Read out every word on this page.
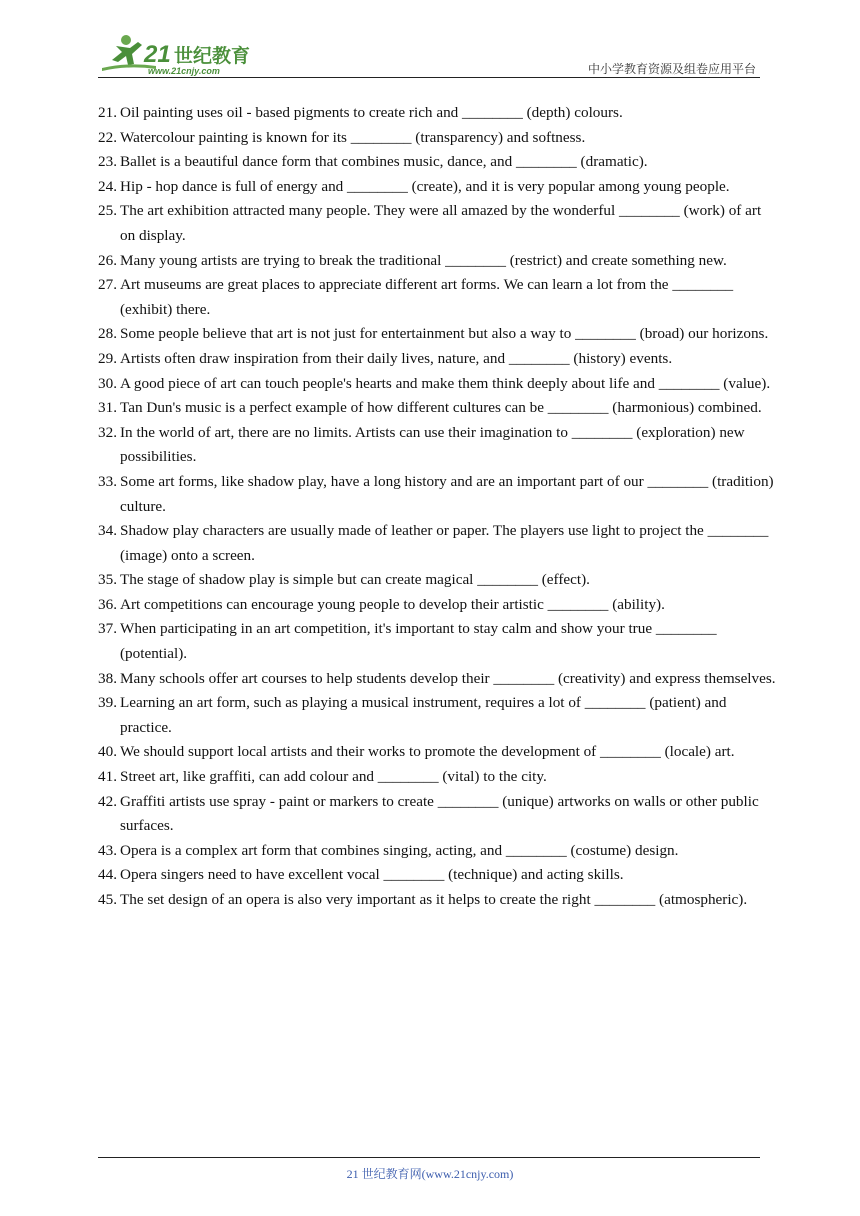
21 世纪教育
www.21cnjy.com	中小学教育资源及组卷应用平台
21. Oil painting uses oil - based pigments to create rich and ________ (depth) colours.
22. Watercolour painting is known for its ________ (transparency) and softness.
23. Ballet is a beautiful dance form that combines music, dance, and ________ (dramatic).
24. Hip - hop dance is full of energy and ________ (create), and it is very popular among young people.
25. The art exhibition attracted many people. They were all amazed by the wonderful ________ (work) of art on display.
26. Many young artists are trying to break the traditional ________ (restrict) and create something new.
27. Art museums are great places to appreciate different art forms. We can learn a lot from the ________ (exhibit) there.
28. Some people believe that art is not just for entertainment but also a way to ________ (broad) our horizons.
29. Artists often draw inspiration from their daily lives, nature, and ________ (history) events.
30. A good piece of art can touch people's hearts and make them think deeply about life and ________ (value).
31. Tan Dun's music is a perfect example of how different cultures can be ________ (harmonious) combined.
32. In the world of art, there are no limits. Artists can use their imagination to ________ (exploration) new possibilities.
33. Some art forms, like shadow play, have a long history and are an important part of our ________ (tradition) culture.
34. Shadow play characters are usually made of leather or paper. The players use light to project the ________ (image) onto a screen.
35. The stage of shadow play is simple but can create magical ________ (effect).
36. Art competitions can encourage young people to develop their artistic ________ (ability).
37. When participating in an art competition, it's important to stay calm and show your true ________ (potential).
38. Many schools offer art courses to help students develop their ________ (creativity) and express themselves.
39. Learning an art form, such as playing a musical instrument, requires a lot of ________ (patient) and practice.
40. We should support local artists and their works to promote the development of ________ (locale) art.
41. Street art, like graffiti, can add colour and ________ (vital) to the city.
42. Graffiti artists use spray - paint or markers to create ________ (unique) artworks on walls or other public surfaces.
43. Opera is a complex art form that combines singing, acting, and ________ (costume) design.
44. Opera singers need to have excellent vocal ________ (technique) and acting skills.
45. The set design of an opera is also very important as it helps to create the right ________ (atmospheric).
21 世纪教育网(www.21cnjy.com)
